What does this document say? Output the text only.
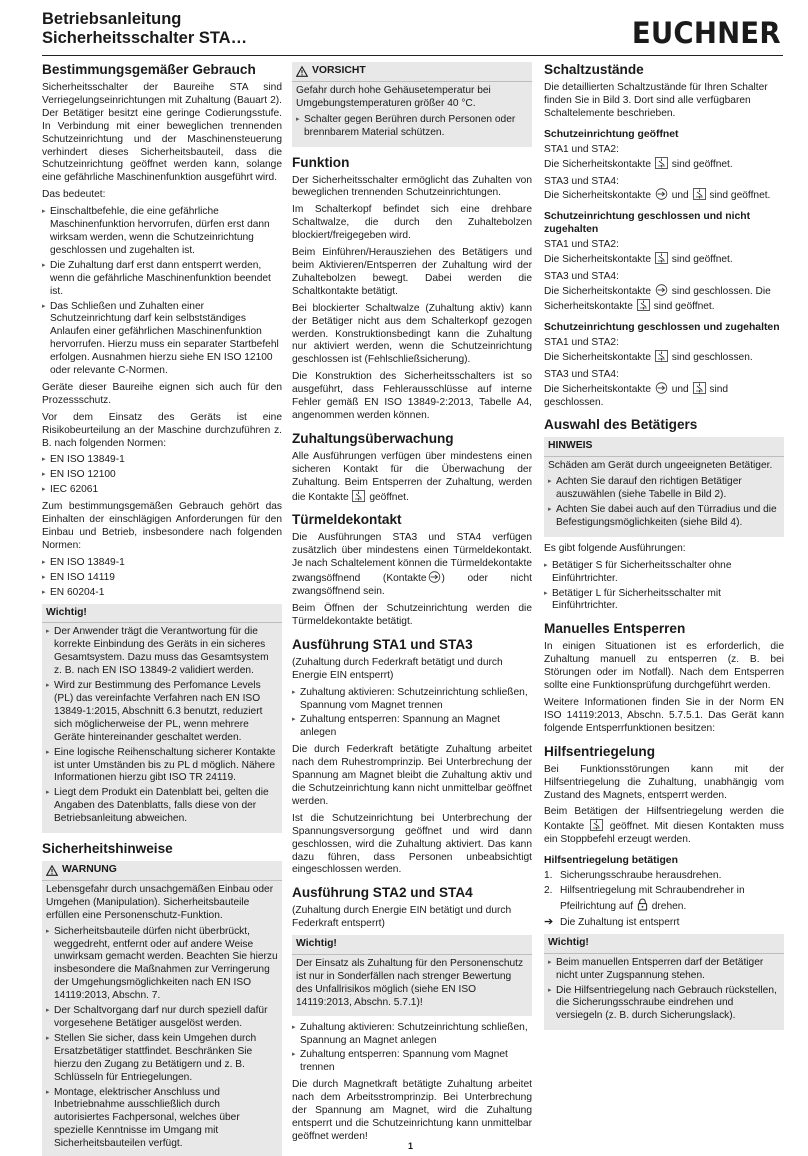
Betriebsanleitung
Sicherheitsschalter STA…	EUCHNER
Bestimmungsgemäßer Gebrauch

Sicherheitsschalter der Baureihe STA sind Verriegelungseinrichtungen mit Zuhaltung (Bauart 2). Der Betätiger besitzt eine geringe Codierungsstufe. In Verbindung mit einer beweglichen trennenden Schutzeinrichtung und der Maschinensteuerung verhindert dieses Sicherheitsbauteil, dass die Schutzeinrichtung geöffnet werden kann, solange eine gefährliche Maschinenfunktion ausgeführt wird.

Das bedeutet:

▸ Einschaltbefehle, die eine gefährliche Maschinenfunktion hervorrufen, dürfen erst dann wirksam werden, wenn die Schutzeinrichtung geschlossen und zugehalten ist.
▸ Die Zuhaltung darf erst dann entsperrt werden, wenn die gefährliche Maschinenfunktion beendet ist.
▸ Das Schließen und Zuhalten einer Schutzeinrichtung darf kein selbstständiges Anlaufen einer gefährlichen Maschinenfunktion hervorrufen. Hierzu muss ein separater Startbefehl erfolgen. Ausnahmen hierzu siehe EN ISO 12100 oder relevante C-Normen.

Geräte dieser Baureihe eignen sich auch für den Prozessschutz.

Vor dem Einsatz des Geräts ist eine Risikobeurteilung an der Maschine durchzuführen z. B. nach folgenden Normen:

▸ EN ISO 13849-1
▸ EN ISO 12100
▸ IEC 62061

Zum bestimmungsgemäßen Gebrauch gehört das Einhalten der einschlägigen Anforderungen für den Einbau und Betrieb, insbesondere nach folgenden Normen:

▸ EN ISO 13849-1
▸ EN ISO 14119
▸ EN 60204-1
Wichtig!
▸ Der Anwender trägt die Verantwortung für die korrekte Einbindung des Geräts in ein sicheres Gesamtsystem. Dazu muss das Gesamtsystem z. B. nach EN ISO 13849-2 validiert werden.
▸ Wird zur Bestimmung des Perfomance Levels (PL) das vereinfachte Verfahren nach EN ISO 13849-1:2015, Abschnitt 6.3 benutzt, reduziert sich möglicherweise der PL, wenn mehrere Geräte hintereinander geschaltet werden.
▸ Eine logische Reihenschaltung sicherer Kontakte ist unter Umständen bis zu PL d möglich. Nähere Informationen hierzu gibt ISO TR 24119.
▸ Liegt dem Produkt ein Datenblatt bei, gelten die Angaben des Datenblatts, falls diese von der Betriebsanleitung abweichen.
Sicherheitshinweise
WARNUNG

Lebensgefahr durch unsachgemäßen Einbau oder Umgehen (Manipulation). Sicherheitsbauteile erfüllen eine Personenschutz-Funktion.

▸ Sicherheitsbauteile dürfen nicht überbrückt, weggedreht, entfernt oder auf andere Weise unwirksam gemacht werden. Beachten Sie hierzu insbesondere die Maßnahmen zur Verringerung der Umgehungsmöglichkeiten nach EN ISO 14119:2013, Abschn. 7.
▸ Der Schaltvorgang darf nur durch speziell dafür vorgesehene Betätiger ausgelöst werden.
▸ Stellen Sie sicher, dass kein Umgehen durch Ersatzbetätiger stattfindet. Beschränken Sie hierzu den Zugang zu Betätigern und z. B. Schlüsseln für Entriegelungen.
▸ Montage, elektrischer Anschluss und Inbetriebnahme ausschließlich durch autorisiertes Fachpersonal, welches über spezielle Kenntnisse im Umgang mit Sicherheitsbauteilen verfügt.
VORSICHT

Gefahr durch hohe Gehäusetemperatur bei Umgebungstemperaturen größer 40 °C.

▸ Schalter gegen Berühren durch Personen oder brennbarem Material schützen.
Funktion

Der Sicherheitsschalter ermöglicht das Zuhalten von beweglichen trennenden Schutzeinrichtungen.

Im Schalterkopf befindet sich eine drehbare Schaltwalze, die durch den Zuhaltebolzen blockiert/freigegeben wird.

Beim Einführen/Herausziehen des Betätigers und beim Aktivieren/Entsperren der Zuhaltung wird der Zuhaltebolzen bewegt. Dabei werden die Schaltkontakte betätigt.

Bei blockierter Schaltwalze (Zuhaltung aktiv) kann der Betätiger nicht aus dem Schalterkopf gezogen werden. Konstruktionsbedingt kann die Zuhaltung nur aktiviert werden, wenn die Schutzeinrichtung geschlossen ist (Fehlschließsicherung).

Die Konstruktion des Sicherheitsschalters ist so ausgeführt, dass Fehlerausschlüsse auf interne Fehler gemäß EN ISO 13849-2:2013, Tabelle A4, angenommen werden können.

Zuhaltungsüberwachung

Alle Ausführungen verfügen über mindestens einen sicheren Kontakt für die Überwachung der Zuhaltung. Beim Entsperren der Zuhaltung, werden die Kontakte geöffnet.

Türmeldekontakt

Die Ausführungen STA3 und STA4 verfügen zusätzlich über mindestens einen Türmeldekontakt. Je nach Schaltelement können die Türmeldekontakte zwangsöffnend (Kontakte ) oder nicht zwangsöffnend sein.

Beim Öffnen der Schutzeinrichtung werden die Türmeldekontakte betätigt.

Ausführung STA1 und STA3

(Zuhaltung durch Federkraft betätigt und durch Energie EIN entsperrt)

▸ Zuhaltung aktivieren: Schutzeinrichtung schließen, Spannung vom Magnet trennen
▸ Zuhaltung entsperren: Spannung an Magnet anlegen

Die durch Federkraft betätigte Zuhaltung arbeitet nach dem Ruhestromprinzip. Bei Unterbrechung der Spannung am Magnet bleibt die Zuhaltung aktiv und die Schutzeinrichtung kann nicht unmittelbar geöffnet werden.

Ist die Schutzeinrichtung bei Unterbrechung der Spannungsversorgung geöffnet und wird dann geschlossen, wird die Zuhaltung aktiviert. Das kann dazu führen, dass Personen unbeabsichtigt eingeschlossen werden.

Ausführung STA2 und STA4

(Zuhaltung durch Energie EIN betätigt und durch Federkraft entsperrt)

Wichtig!

Der Einsatz als Zuhaltung für den Personenschutz ist nur in Sonderfällen nach strenger Bewertung des Unfallrisikos möglich (siehe EN ISO 14119:2013, Abschn. 5.7.1)!

▸ Zuhaltung aktivieren: Schutzeinrichtung schließen, Spannung an Magnet anlegen
▸ Zuhaltung entsperren: Spannung vom Magnet trennen

Die durch Magnetkraft betätigte Zuhaltung arbeitet nach dem Arbeitsstromprinzip. Bei Unterbrechung der Spannung am Magnet, wird die Zuhaltung entsperrt und die Schutzeinrichtung kann unmittelbar geöffnet werden!

Schaltzustände

Die detaillierten Schaltzustände für Ihren Schalter finden Sie in Bild 3. Dort sind alle verfügbaren Schaltelemente beschrieben.

Schutzeinrichtung geöffnet

STA1 und STA2:
Die Sicherheitskontakte sind geöffnet.

STA3 und STA4:
Die Sicherheitskontakte und sind geöffnet.

Schutzeinrichtung geschlossen und nicht zugehalten

STA1 und STA2:
Die Sicherheitskontakte sind geöffnet.

STA3 und STA4:
Die Sicherheitskontakte sind geschlossen. Die Sicherheitskontakte sind geöffnet.

Schutzeinrichtung geschlossen und zugehalten

STA1 und STA2:
Die Sicherheitskontakte sind geschlossen.

STA3 und STA4:
Die Sicherheitskontakte und sind geschlossen.

Auswahl des Betätigers
HINWEIS

Schäden am Gerät durch ungeeigneten Betätiger.

▸ Achten Sie darauf den richtigen Betätiger auszuwählen (siehe Tabelle in Bild 2).
▸ Achten Sie dabei auch auf den Türradius und die Befestigungsmöglichkeiten (siehe Bild 4).

Es gibt folgende Ausführungen:

▸ Betätiger S für Sicherheitsschalter ohne Einführtrichter.
▸ Betätiger L für Sicherheitsschalter mit Einführtrichter.
Manuelles Entsperren

In einigen Situationen ist es erforderlich, die Zuhaltung manuell zu entsperren (z. B. bei Störungen oder im Notfall). Nach dem Entsperren sollte eine Funktionsprüfung durchgeführt werden.

Weitere Informationen finden Sie in der Norm EN ISO 14119:2013, Abschn. 5.7.5.1. Das Gerät kann folgende Entsperrfunktionen besitzen:

Hilfsentriegelung

Bei Funktionsstörungen kann mit der Hilfsentriegelung die Zuhaltung, unabhängig vom Zustand des Magnets, entsperrt werden.

Beim Betätigen der Hilfsentriegelung werden die Kontakte	geöffnet. Mit diesen Kontakten muss ein Stoppbefehl erzeugt werden.

Hilfsentriegelung betätigen
1. Sicherungsschraube herausdrehen.
2. Hilfsentriegelung mit Schraubendreher in Pfeilrichtung auf drehen.
➔ Die Zuhaltung ist entsperrt
Wichtig!
▸ Beim manuellen Entsperren darf der Betätiger nicht unter Zugspannung stehen.
▸ Die Hilfsentriegelung nach Gebrauch rückstellen, die Sicherungsschraube eindrehen und versiegeln (z. B. durch Sicherungslack).
1
